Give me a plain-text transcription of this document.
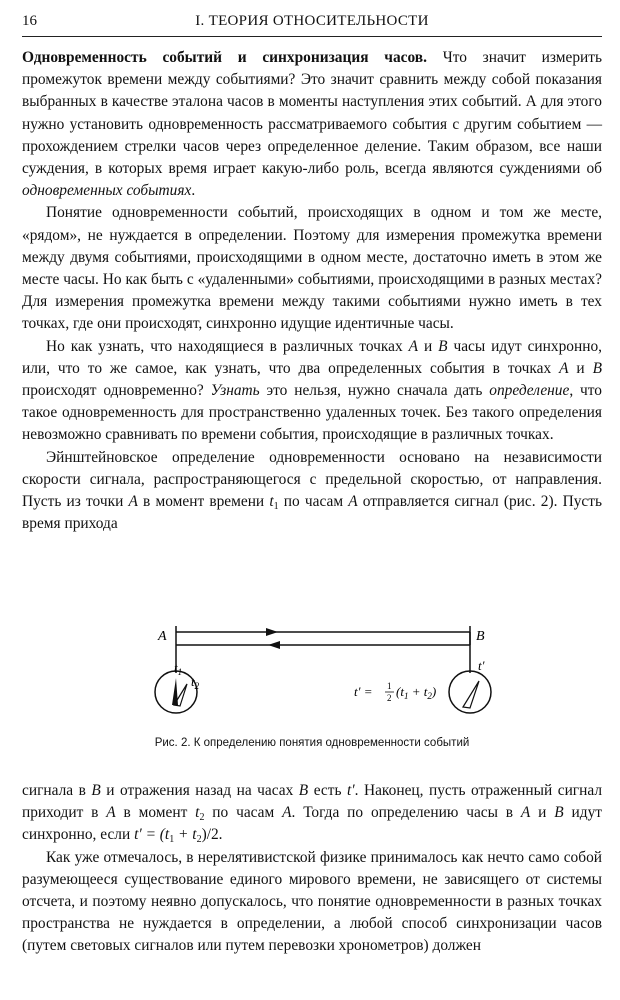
16	I. ТЕОРИЯ ОТНОСИТЕЛЬНОСТИ

Одновременность событий и синхронизация часов. Что значит измерить промежуток времени между событиями? Это значит сравнить между собой показания выбранных в качестве эталона часов в моменты наступления этих событий. А для этого нужно установить одновременность рассматриваемого события с другим событием — прохождением стрелки часов через определенное деление. Таким образом, все наши суждения, в которых время играет какую-либо роль, всегда являются суждениями об одновременных событиях.

Понятие одновременности событий, происходящих в одном и том же месте, «рядом», не нуждается в определении. Поэтому для измерения промежутка времени между двумя событиями, происходящими в одном месте, достаточно иметь в этом же месте часы. Но как быть с «удаленными» событиями, происходящими в разных местах? Для измерения промежутка времени между такими событиями нужно иметь в тех точках, где они происходят, синхронно идущие идентичные часы.

Но как узнать, что находящиеся в различных точках A и B часы идут синхронно, или, что то же самое, как узнать, что два определенных события в точках A и B происходят одновременно? Узнать это нельзя, нужно сначала дать определение, что такое одновременность для пространственно удаленных точек. Без такого определения невозможно сравнивать по времени события, происходящие в различных точках.

Эйнштейновское определение одновременности основано на независимости скорости сигнала, распространяющегося с предельной скоростью, от направления. Пусть из точки A в момент времени $t_1$ по часам A отправляется сигнал (рис. 2). Пусть время прихода

A	B
$t_1$
$t_2$
t′
t′ = 1
2 $(t_1 + t_2)$
Рис. 2. К определению понятия одновременности событий

сигнала в B и отражения назад на часах B есть t′. Наконец, пусть отраженный сигнал приходит в A в момент $t_2$ по часам A. Тогда по определению часы в A и B идут синхронно, если $t' = (t_1 + t_2)/2$.

Как уже отмечалось, в нерелятивистской физике принималось как нечто само собой разумеющееся существование единого мирового времени, не зависящего от системы отсчета, и поэтому неявно допускалось, что понятие одновременности в разных точках пространства не нуждается в определении, а любой способ синхронизации часов (путем световых сигналов или путем перевозки хронометров) должен
